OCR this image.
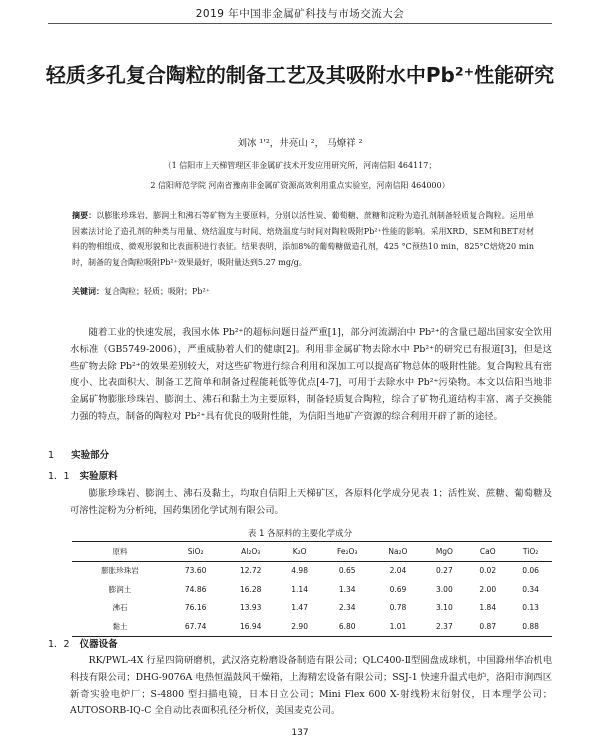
2019 年中国非金属矿科技与市场交流大会
轻质多孔复合陶粒的制备工艺及其吸附水中Pb²⁺性能研究
刘冰 ¹'²，井亮山 ²， 马燎祥 ²
（1 信阳市上天梯管理区非金属矿技术开发应用研究所，河南信阳 464117；
2 信阳师范学院 河南省豫南非金属矿资源高效利用重点实验室，河南信阳 464000）
摘要：以膨胀珍珠岩、膨润土和沸石等矿物为主要原料，分别以活性炭、葡萄糖、蔗糖和淀粉为造孔剂制备轻质复合陶粒。运用单因素法讨论了造孔剂的种类与用量、烧结温度与时间、焙烧温度与时间对陶粒吸附Pb²⁺性能的影响。采用XRD、SEM和BET对材料的物相组成、微观形貌和比表面积进行表征。结果表明，添加8%的葡萄糖做造孔剂，425 °C预热10 min，825°C焙烧20 min时，制备的复合陶粒吸附Pb²⁺效果最好，吸附量达到5.27 mg/g。
关键词：复合陶粒；轻质；吸附；Pb²⁺
随着工业的快速发展，我国水体 Pb²⁺的超标问题日益严重[1]，部分河流湖泊中 Pb²⁺的含量已超出国家安全饮用水标准（GB5749-2006），严重威胁着人们的健康[2]。利用非金属矿物去除水中 Pb²⁺的研究已有报道[3]，但是这些矿物去除 Pb²⁺的效果差别较大，对这些矿物进行综合利用和深加工可以提高矿物总体的吸附性能。复合陶粒具有密度小、比表面积大、制备工艺简单和制备过程能耗低等优点[4-7]，可用于去除水中 Pb²⁺污染物。本文以信阳当地非金属矿物膨胀珍珠岩、膨润土、沸石和黏土为主要原料，制备轻质复合陶粒，综合了矿物孔道结构丰富、离子交换能力强的特点，制备的陶粒对 Pb²⁺具有优良的吸附性能，为信阳当地矿产资源的综合利用开辟了新的途径。
1 实验部分
1．1 实验原料
膨胀珍珠岩、膨润土、沸石及黏土，均取自信阳上天梯矿区，各原料化学成分见表 1；活性炭、蔗糖、葡萄糖及可溶性淀粉为分析纯，国药集团化学试剂有限公司。
表 1 各原料的主要化学成分
原料	SiO₂	Al₂O₃	K₂O	Fe₂O₃	Na₂O	MgO	CaO	TiO₂
膨胀珍珠岩	73.60	12.72	4.98	0.65	2.04	0.27	0.02	0.06
膨润土	74.86	16.28	1.14	1.34	0.69	3.00	2.00	0.34
沸石	76.16	13.93	1.47	2.34	0.78	3.10	1.84	0.13
黏土	67.74	16.94	2.90	6.80	1.01	2.37	0.87	0.88
1．2 仪器设备
RK/PWL-4X 行星四筒研磨机，武汉洛克粉磨设备制造有限公司；QLC400-Ⅱ型圆盘成球机，中国滁州华冶机电科技有限公司；DHG-9076A 电热恒温鼓风干燥箱，上海精宏设备有限公司；SSJ-1 快速升温式电炉，洛阳市涧西区新奇实验电炉厂；S-4800 型扫描电镜，日本日立公司；Mini Flex 600 X-射线粉末衍射仪，日本理学公司；AUTOSORB-IQ-C 全自动比表面积孔径分析仪，美国麦克公司。
137
